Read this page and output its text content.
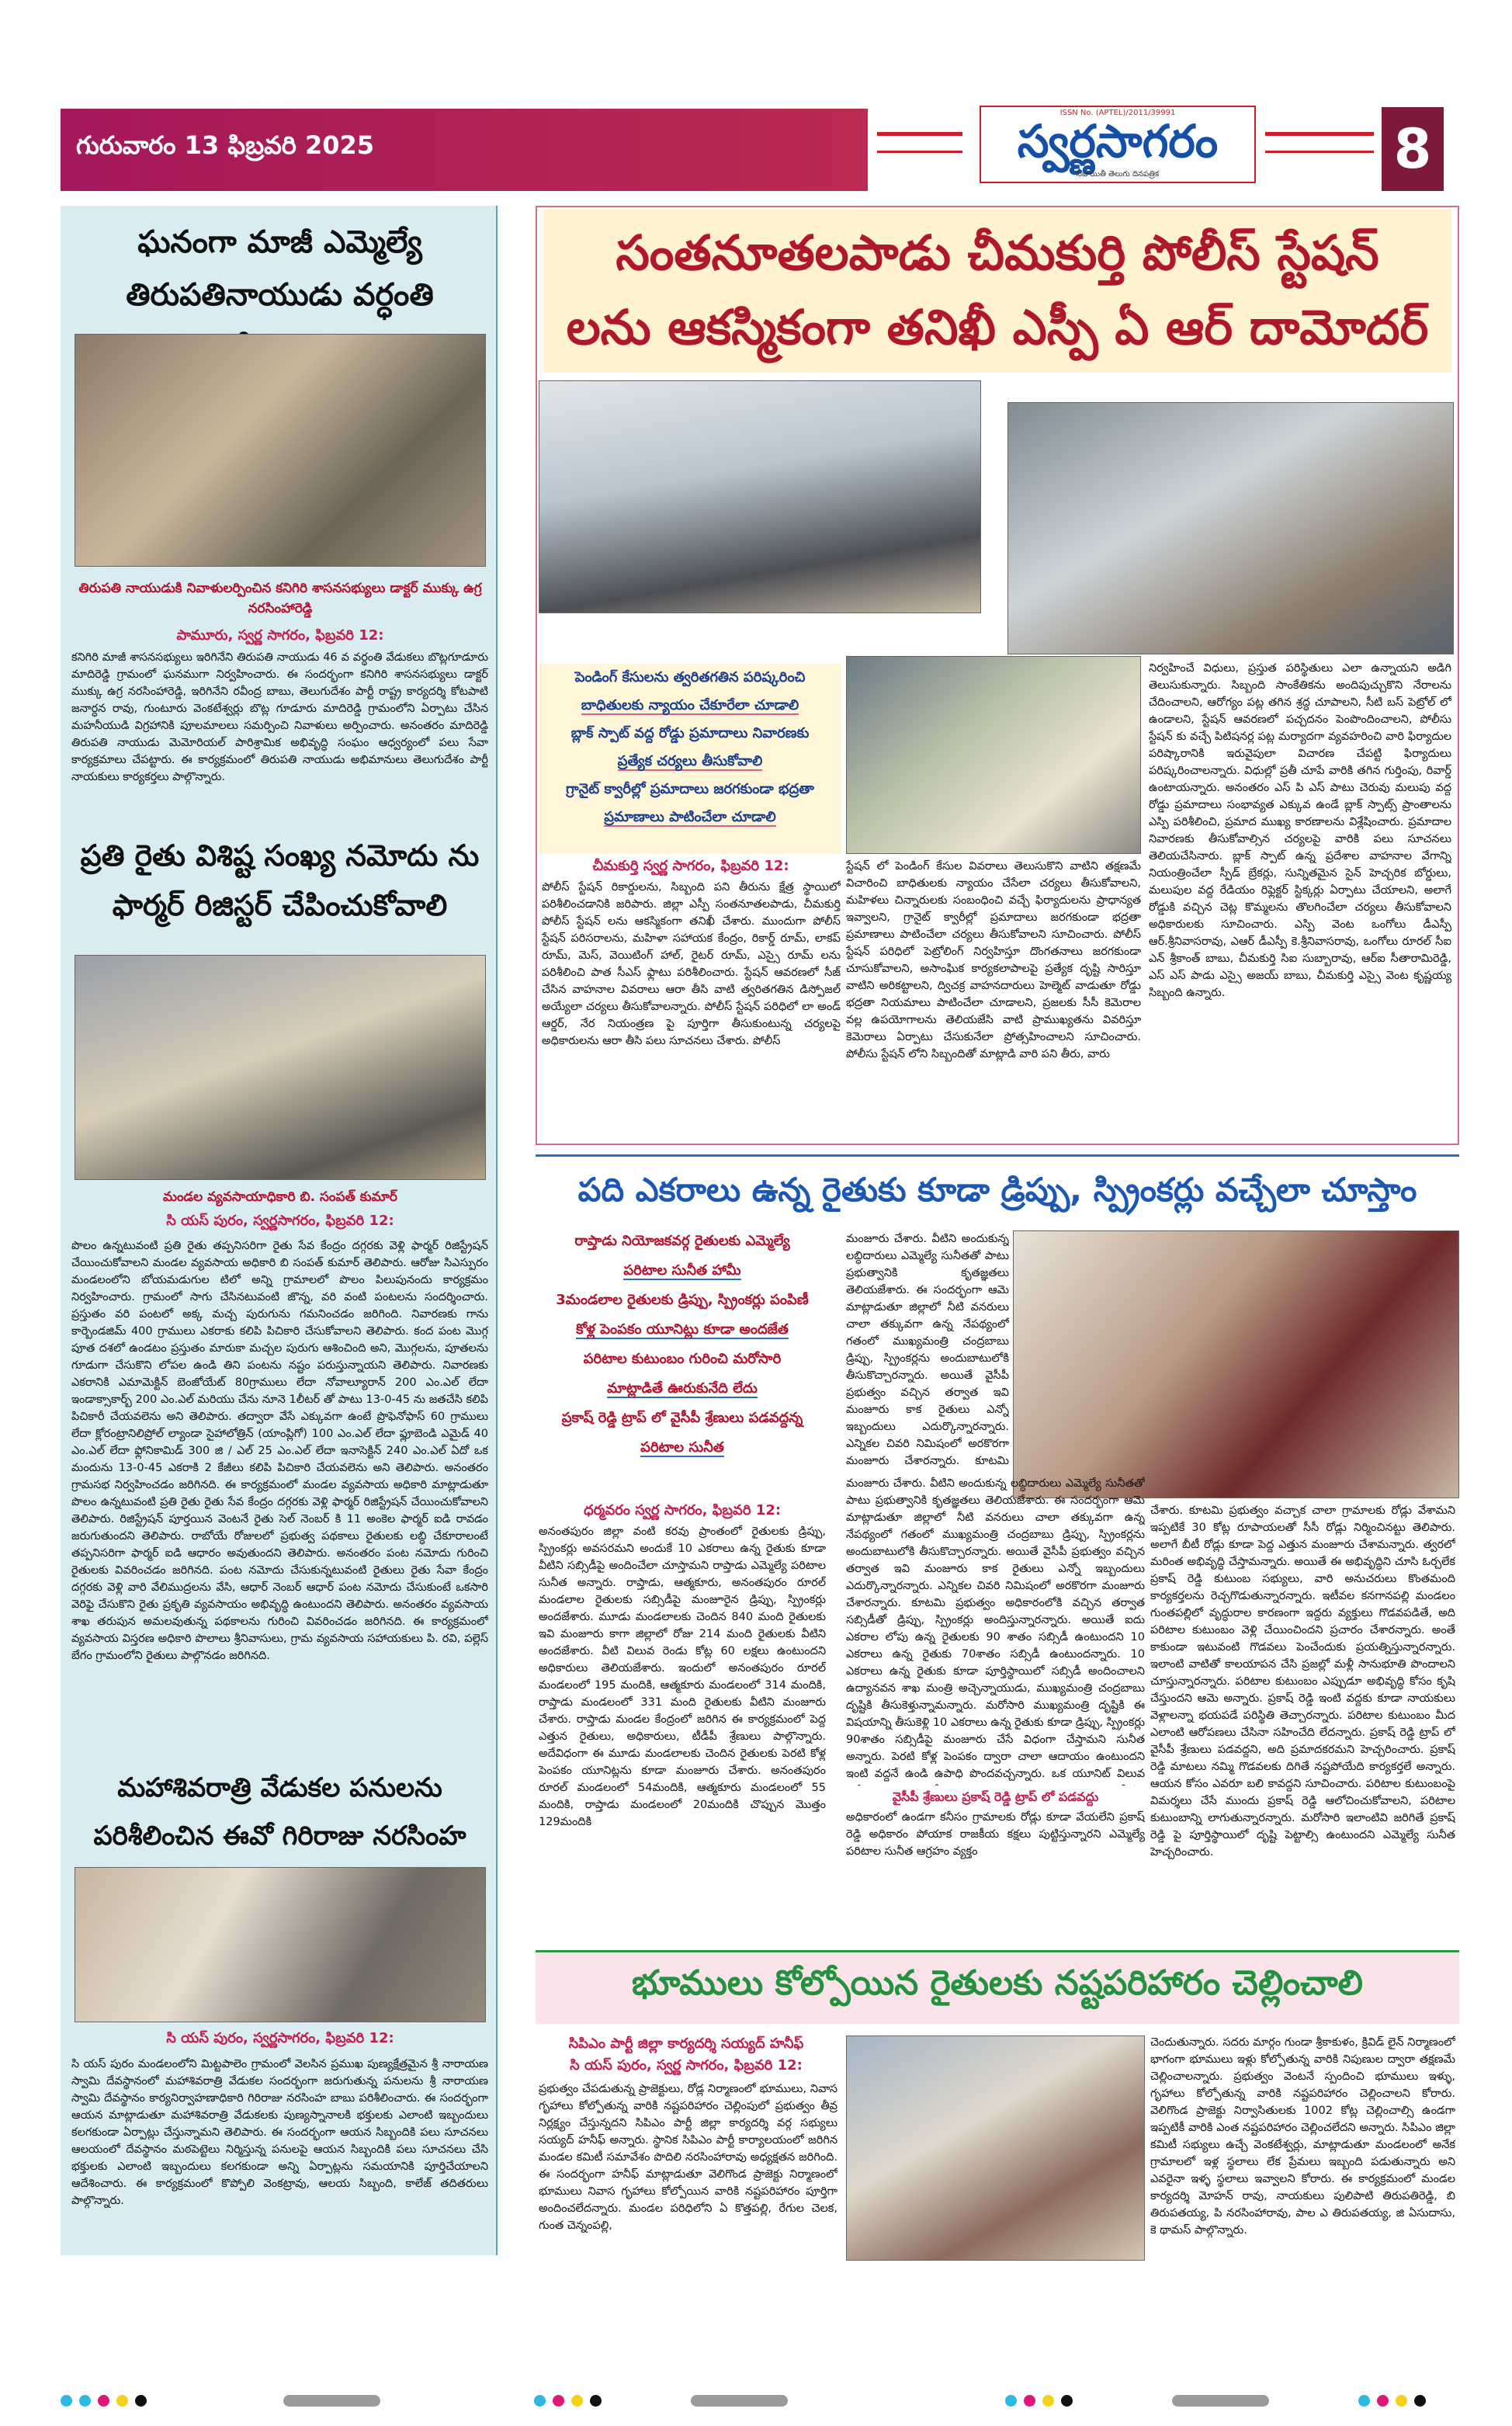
గురువారం 13 ఫిబ్రవరి 2025
ISSN No. (APTEL)/2011/39991
స్వర్ణసాగరం
నిజాయితీ తెలుగు దినపత్రిక	8
ఘనంగా మాజీ ఎమ్మెల్యే తిరుపతినాయుడు వర్ధంతి
తిరుపతి నాయుడుకి నివాళులర్పించిన కనిగిరి శాసనసభ్యులు డాక్టర్ ముక్కు ఉగ్ర నరసింహారెడ్డి
పామూరు, స్వర్ణ సాగరం, ఫిబ్రవరి 12:
కనిగిరి మాజీ శాసనసభ్యులు ఇరిగినేని తిరుపతి నాయుడు 46 వ వర్ధంతి వేడుకలు బొట్లగూడూరు మాదిరెడ్డి గ్రామంలో ఘనముగా నిర్వహించారు. ఈ సందర్భంగా కనిగిరి శాసనసభ్యులు డాక్టర్ ముక్కు ఉగ్ర నరసింహారెడ్డి, ఇరిగినేని రవీంద్ర బాబు, తెలుగుదేశం పార్టీ రాష్ట్ర కార్యదర్శి కోటపాటి జనార్ధన రావు, గుంటూరు వెంకటేశ్వర్లు బొట్ల గూడూరు మాదిరెడ్డి గ్రామంలోని ఏర్పాటు చేసిన మహనీయుడి విగ్రహానికి పూలమాలలు సమర్పించి నివాళులు అర్పించారు. అనంతరం మాదిరెడ్డి తిరుపతి నాయుడు మెమోరియల్ పారిశ్రామిక అభివృద్ధి సంఘం ఆధ్వర్యంలో పలు సేవా కార్యక్రమాలు చేపట్టారు. ఈ కార్యక్రమంలో తిరుపతి నాయుడు అభిమానులు తెలుగుదేశం పార్టీ నాయకులు కార్యకర్తలు పాల్గొన్నారు.
ప్రతి రైతు విశిష్ట సంఖ్య నమోదు ను ఫార్మర్ రిజిస్టర్ చేపించుకోవాలి
మండల వ్యవసాయాధికారి బి. సంపత్ కుమార్
సి యస్ పురం, స్వర్ణసాగరం, ఫిబ్రవరి 12:
పొలం ఉన్నటువంటి ప్రతి రైతు తప్పనిసరిగా రైతు సేవ కేంద్రం దగ్గరకు వెళ్లి ఫార్మర్ రిజిస్ట్రేషన్ చేయించుకోవాలని మండల వ్యవసాయ అధికారి బి సంపత్ కుమార్ తెలిపారు. ఆరోజు సిఎస్పురం మండలంలోని బోయమడుగుల టిలో అన్ని గ్రామాలలో పొలం పిలుపునందు కార్యక్రమం నిర్వహించారు. గ్రామంలో సాగు చేసినటువంటి జొన్న, వరి వంటి పంటలను సందర్శించారు. ప్రస్తుతం వరి పంటలో అక్క మచ్చ పురుగును గమనించడం జరిగింది. నివారణకు గాను కార్బెండజిమ్ 400 గ్రాములు ఎకరాకు కలిపి పిచికారి చేసుకోవాలని తెలిపారు. కంద పంట మొగ్గ పూత దశలో ఉండటం ప్రస్తుతం మారుకా మచ్చల పురుగు ఆశించింది అని, మొగ్గలను, పూతలను గూడుగా చేసుకొని లోపల ఉండి తిని పంటను నష్టం పరుస్తున్నాయని తెలిపారు. నివారణకు ఎకరానికి ఎమామెక్టిన్ బెంజోయేట్ 80గ్రాములు లేదా నోవాల్యూరాన్ 200 ఎం.ఎల్ లేదా ఇండాక్సాకార్బ్ 200 ఎం.ఎల్ మరియు చేను నూనె 1లీటర్ తో పాటు 13-0-45 ను జతచేసి కలిపి పిచికారీ చేయవలెను అని తెలిపారు. తద్వారా వేసే ఎక్కువగా ఉంటే ప్రొఫెనోఫాస్ 60 గ్రాములు లేదా క్లోరంట్రానిలిప్రోల్ ల్యాండా సైహాలోత్రిన్ (యాంప్లిగో) 100 ఎం.ఎల్ లేదా ఫ్లూబెండి ఎమైడ్ 40 ఎం.ఎల్ లేదా ఫ్లోనికామిడ్ 300 జి / ఎల్ 25 ఎం.ఎల్ లేదా ఇనాసెక్టిన్ 240 ఎం.ఎల్ ఏదో ఒక మందును 13-0-45 ఎకరాకి 2 కేజీలు కలిపి పిచికారి చేయవలెను అని తెలిపారు. అనంతరం గ్రామసభ నిర్వహించడం జరిగినది. ఈ కార్యక్రమంలో మండల వ్యవసాయ అధికారి మాట్లాడుతూ పొలం ఉన్నటువంటి ప్రతి రైతు రైతు సేవ కేంద్రం దగ్గరకు వెళ్లి ఫార్మర్ రిజిస్ట్రేషన్ చేయించుకోవాలని తెలిపారు. రిజిస్ట్రేషన్ పూర్తయిన వెంటనే రైతు సెల్ నెంబర్ కి 11 అంకెల ఫార్మర్ ఐడి రావడం జరుగుతుందని తెలిపారు. రాబోయే రోజులలో ప్రభుత్వ పథకాలు రైతులకు లబ్ధి చేకూరాలంటే తప్పనిసరిగా ఫార్మర్ ఐడి ఆధారం అవుతుందని తెలిపారు. అనంతరం పంట నమోదు గురించి రైతులకు వివరించడం జరిగినది. పంట నమోదు చేసుకున్నటువంటి రైతులు రైతు సేవా కేంద్రం దగ్గరకు వెళ్లి వారి వేలిముద్రలను వేసి, ఆధార్ నెంబర్ ఆధార్ పంట నమోదు చేసుకుంటే ఒకసారి వెరిఫై చేసుకొని రైతు ప్రకృతి వ్యవసాయం అభివృద్ధి ఉంటుందని తెలిపారు. అనంతరం వ్యవసాయ శాఖ తరుపున అమలవుతున్న పథకాలను గురించి వివరించడం జరిగినది. ఈ కార్యక్రమంలో వ్యవసాయ విస్తరణ అధికారి పొలాలు శ్రీనివాసులు, గ్రామ వ్యవసాయ సహాయకులు పి. రవి, పల్లెస్ బేగం గ్రామంలోని రైతులు పాల్గొనడం జరిగినది.
మహాశివరాత్రి వేడుకల పనులను పరిశీలించిన ఈవో గిరిరాజు నరసింహ
సి యస్ పురం, స్వర్ణసాగరం, ఫిబ్రవరి 12:
సి యస్ పురం మండలంలోని మిట్టపాలెం గ్రామంలో వెలసిన ప్రముఖ పుణ్యక్షేత్రమైన శ్రీ నారాయణ స్వామి దేవస్థానంలో మహాశివరాత్రి వేడుకల సందర్భంగా జరుగుతున్న పనులను శ్రీ నారాయణ స్వామి దేవస్థానం కార్యనిర్వాహణాధికారి గిరిరాజు నరసింహ బాబు పరిశీలించారు. ఈ సందర్భంగా ఆయన మాట్లాడుతూ మహాశివరాత్రి వేడుకలకు పుణ్యస్నానాలకి భక్తులకు ఎలాంటి ఇబ్బందులు కలగకుండా ఏర్పాట్లు చేస్తున్నామని తెలిపారు. ఈ సందర్భంగా ఆయన సిబ్బందికి పలు సూచనలు ఆలయంలో దేవస్థానం మఠపెట్టెలు నిర్మిస్తున్న పనులపై ఆయన సిబ్బందికి పలు సూచనలు చేసి భక్తులకు ఎలాంటి ఇబ్బందులు కలగకుండా అన్ని ఏర్పాట్లను సమయానికి పూర్తిచేయాలని ఆదేశించారు. ఈ కార్యక్రమంలో కొప్పోలి వెంకట్రావు, ఆలయ సిబ్బంది, కాలేజ్ తదితరులు పాల్గొన్నారు.
సంతనూతలపాడు చీమకుర్తి పోలీస్ స్టేషన్
లను ఆకస్మికంగా తనిఖీ ఎస్పీ ఏ ఆర్ దామోదర్
పెండింగ్ కేసులను త్వరితగతిన పరిష్కరించి
బాధితులకు న్యాయం చేకూరేలా చూడాలి
బ్లాక్ స్పాట్ వద్ద రోడ్డు ప్రమాదాలు నివారణకు
ప్రత్యేక చర్యలు తీసుకోవాలి
గ్రానైట్ క్వారీల్లో ప్రమాదాలు జరగకుండా భద్రతా
ప్రమాణాలు పాటించేలా చూడాలి
చీమకుర్తి స్వర్ణ సాగరం, ఫిబ్రవరి 12:
పోలీస్ స్టేషన్ రికార్డులను, సిబ్బంది పని తీరును క్షేత్ర స్థాయిలో పరిశీలించడానికి జరిపారు. జిల్లా ఎస్పీ సంతనూతలపాడు, చీమకుర్తి పోలీస్ స్టేషన్ లను ఆకస్మికంగా తనిఖీ చేశారు. ముందుగా పోలీస్ స్టేషన్ పరిసరాలను, మహిళా సహాయక కేంద్రం, రికార్డ్ రూమ్, లాకప్ రూమ్, మెస్, వెయిటింగ్ హాల్, రైటర్ రూమ్, ఎస్సై రూమ్ లను పరిశీలించి పాత సీఎస్ ఫ్లాటు పరిశీలించారు. స్టేషన్ ఆవరణలో సీజ్ చేసిన వాహనాల వివరాలు ఆరా తీసి వాటి త్వరితగతిన డిస్పోజల్ అయ్యేలా చర్యలు తీసుకోవాలన్నారు. పోలీస్ స్టేషన్ పరిధిలో లా అండ్ ఆర్డర్, నేర నియంత్రణ పై పూర్తిగా తీసుకుంటున్న చర్యలపై అధికారులను ఆరా తీసి పలు సూచనలు చేశారు. పోలీస్
స్టేషన్ లో పెండింగ్ కేసుల వివరాలు తెలుసుకొని వాటిని తక్షణమే విచారించి బాధితులకు న్యాయం చేసేలా చర్యలు తీసుకోవాలని, మహిళలు చిన్నారులకు సంబంధించి వచ్చే ఫిర్యాదులను ప్రాధాన్యత ఇవ్వాలని, గ్రానైట్ క్వారీల్లో ప్రమాదాలు జరగకుండా భద్రతా ప్రమాణాలు పాటించేలా చర్యలు తీసుకోవాలని సూచించారు. పోలీస్ స్టేషన్ పరిధిలో పెట్రోలింగ్ నిర్వహిస్తూ దొంగతనాలు జరగకుండా చూసుకోవాలని, అసాంఘిక కార్యకలాపాలపై ప్రత్యేక దృష్టి సారిస్తూ వాటిని అరికట్టాలని, ద్విచక్ర వాహనదారులు హెల్మెట్ వాడుతూ రోడ్డు భద్రతా నియమాలు పాటించేలా చూడాలని, ప్రజలకు సీసీ కెమెరాల వల్ల ఉపయోగాలను తెలియజేసి వాటి ప్రాముఖ్యతను వివరిస్తూ కెమెరాలు ఏర్పాటు చేసుకునేలా ప్రోత్సహించాలని సూచించారు. పోలీసు స్టేషన్ లోని సిబ్బందితో మాట్లాడి వారి పని తీరు, వారు
నిర్వహించే విధులు, ప్రస్తుత పరిస్థితులు ఎలా ఉన్నాయని అడిగి తెలుసుకున్నారు. సిబ్బంది సాంకేతికను అందిపుచ్చుకొని నేరాలను చేదించాలని, ఆరోగ్యం పట్ల తగిన శ్రద్ధ చూపాలని, సీటి బస్ పెట్రోల్ లో ఉండాలని, స్టేషన్ ఆవరణలో పచ్చదనం పెంపొందించాలని, పోలీసు స్టేషన్ కు వచ్చే పిటిషనర్ల పట్ల మర్యాదగా వ్యవహరించి వారి ఫిర్యాదుల పరిష్కారానికి ఇరువైపులా విచారణ చేపట్టి ఫిర్యాదులు పరిష్కరించాలన్నారు. విధుల్లో ప్రతీ చూపే వారికి తగిన గుర్తింపు, రివార్డ్ ఉంటాయన్నారు. అనంతరం ఎస్ పి ఎస్ పాటు చెరువు మలుపు వద్ద రోడ్డు ప్రమాదాలు సంభావ్యత ఎక్కువ ఉండే బ్లాక్ స్పాట్స్ ప్రాంతాలను ఎస్పి పరిశీలించి, ప్రమాద ముఖ్య కారణాలను విశ్లేషించారు. ప్రమాదాల నివారణకు తీసుకోవాల్సిన చర్యలపై వారికి పలు సూచనలు తెలియచేసినారు. బ్లాక్ స్పాట్ ఉన్న ప్రదేశాల వాహనాల వేగాన్ని నియంత్రించేలా స్పీడ్ బ్రేకర్లు, సున్నితమైన సైన్ హెచ్చరిక బోర్డులు, మలుపుల వద్ద రేడియం రిఫ్లెక్టర్ స్టిక్కర్లు ఏర్పాటు చేయాలని, అలాగే రోడ్డుకి వచ్చిన చెట్ల కొమ్మలను తొలగించేలా చర్యలు తీసుకోవాలని అధికారులకు సూచించారు. ఎస్పి వెంట ఒంగోలు డీఎస్పీ ఆర్.శ్రీనివాసరావు, ఎఆర్ డీఎస్పీ కె.శ్రీనివాసరావు, ఒంగోలు రూరల్ సీఐ ఎన్ శ్రీకాంత్ బాబు, చీమకుర్తి సిఐ సుబ్బారావు, ఆర్ఐ సీతారామిరెడ్డి, ఎస్ ఎస్ పాడు ఎస్సై అజయ్ బాబు, చీమకుర్తి ఎస్సై వెంట కృష్ణయ్య సిబ్బంది ఉన్నారు.
పది ఎకరాలు ఉన్న రైతుకు కూడా డ్రిప్పు, స్ప్రింకర్లు వచ్చేలా చూస్తాం
రాప్తాడు నియోజకవర్గ రైతులకు ఎమ్మెల్యే
పరిటాల సునీత హామీ
3మండలాల రైతులకు డ్రిప్పు, స్ప్రింకర్లు పంపిణీ
కోళ్ల పెంపకం యూనిట్లు కూడా అందజేత
పరిటాల కుటుంబం గురించి మరోసారి
మాట్లాడితే ఊరుకునేది లేదు
ప్రకాష్ రెడ్డి ట్రాప్ లో వైసీపీ శ్రేణులు పడవద్దన్న
పరిటాల సునీత
ధర్మవరం స్వర్ణ సాగరం, ఫిబ్రవరి 12:
అనంతపురం జిల్లా వంటి కరవు ప్రాంతంలో రైతులకు డ్రిప్పు, స్ప్రింకర్లు అవసరమని అందుకే 10 ఎకరాలు ఉన్న రైతుకు కూడా వీటిని సబ్సిడీపై అందించేలా చూస్తామని రాప్తాడు ఎమ్మెల్యే పరిటాల సునీత అన్నారు. రాప్తాడు, ఆత్మకూరు, అనంతపురం రూరల్ మండలాల రైతులకు సబ్సిడీపై మంజూరైన డ్రిప్పు, స్ప్రింకర్లు అందజేశారు. మూడు మండలాలకు చెందిన 840 మంది రైతులకు ఇవి మంజూరు కాగా జిల్లాలో రోజు 214 మంది రైతులకు వీటిని అందజేశారు. వీటి విలువ రెండు కోట్ల 60 లక్షలు ఉంటుందని అధికారులు తెలియజేశారు. ఇందులో అనంతపురం రూరల్ మండలంలో 195 మందికి, ఆత్మకూరు మండలంలో 314 మందికి, రాప్తాడు మండలంలో 331 మంది రైతులకు వీటిని మంజూరు చేశారు. రాప్తాడు మండల కేంద్రంలో జరిగిన ఈ కార్యక్రమంలో పెద్ద ఎత్తున రైతులు, అధికారులు, టీడీపీ శ్రేణులు పాల్గొన్నారు. అదేవిధంగా ఈ మూడు మండలాలకు చెందిన రైతులకు పెరటి కోళ్ల పెంపకం యూనిట్లను కూడా మంజూరు చేశారు. అనంతపురం రూరల్ మండలంలో 54మందికి, ఆత్మకూరు మండలంలో 55 మందికి, రాప్తాడు మండలంలో 20మందికి చొప్పున మొత్తం 129మందికి
మంజూరు చేశారు. వీటిని అందుకున్న లబ్ధిదారులు ఎమ్మెల్యే సునీతతో పాటు ప్రభుత్వానికి కృతజ్ఞతలు తెలియజేశారు. ఈ సందర్భంగా ఆమె మాట్లాడుతూ జిల్లాలో నీటి వనరులు చాలా తక్కువగా ఉన్న నేపథ్యంలో గతంలో ముఖ్యమంత్రి చంద్రబాబు డ్రిప్పు, స్ప్రింకర్లను అందుబాటులోకి తీసుకొచ్చారన్నారు. అయితే వైసీపీ ప్రభుత్వం వచ్చిన తర్వాత ఇవి మంజూరు కాక రైతులు ఎన్నో ఇబ్బందులు ఎదుర్కొన్నారన్నారు. ఎన్నికల చివరి నిమిషంలో అరకొరగా మంజూరు చేశారన్నారు. కూటమి
మంజూరు చేశారు. వీటిని అందుకున్న లబ్ధిదారులు ఎమ్మెల్యే సునీతతో పాటు ప్రభుత్వానికి కృతజ్ఞతలు తెలియజేశారు. ఈ సందర్భంగా ఆమె మాట్లాడుతూ జిల్లాలో నీటి వనరులు చాలా తక్కువగా ఉన్న నేపథ్యంలో గతంలో ముఖ్యమంత్రి చంద్రబాబు డ్రిప్పు, స్ప్రింకర్లను అందుబాటులోకి తీసుకొచ్చారన్నారు. అయితే వైసీపీ ప్రభుత్వం వచ్చిన తర్వాత ఇవి మంజూరు కాక రైతులు ఎన్నో ఇబ్బందులు ఎదుర్కొన్నారన్నారు. ఎన్నికల చివరి నిమిషంలో అరకొరగా మంజూరు చేశారన్నారు. కూటమి ప్రభుత్వం అధికారంలోకి వచ్చిన తర్వాత సబ్సిడీతో డ్రిప్పు, స్ప్రింకర్లు అందిస్తున్నారన్నారు. అయితే ఐదు ఎకరాల లోపు ఉన్న రైతులకు 90 శాతం సబ్సిడీ ఉంటుందని 10 ఎకరాలు ఉన్న రైతుకు 70శాతం సబ్సిడీ ఉంటుందన్నారు. 10 ఎకరాలు ఉన్న రైతుకు కూడా పూర్తిస్థాయిలో సబ్సిడీ అందించాలని ఉద్యానవన శాఖ మంత్రి అచ్చెన్నాయుడు, ముఖ్యమంత్రి చంద్రబాబు దృష్టికి తీసుకెళ్తున్నామన్నారు. మరోసారి ముఖ్యమంత్రి దృష్టికి ఈ విషయాన్ని తీసుకెళ్లి 10 ఎకరాలు ఉన్న రైతుకు కూడా డ్రిప్పు, స్ప్రింకర్లు 90శాతం సబ్సిడీపై మంజూరు చేసే విధంగా చేస్తామని సునీత అన్నారు. పెరటి కోళ్ల పెంపకం ద్వారా చాలా ఆదాయం ఉంటుందని ఇంటి వద్దనే ఉండి ఉపాధి పొందవచ్చన్నారు. ఒక యూనిట్ విలువ
వైసీపీ శ్రేణులు ప్రకాష్ రెడ్డి ట్రాప్ లో పడవద్దు
అధికారంలో ఉండగా కనీసం గ్రామాలకు రోడ్లు కూడా వేయలేని ప్రకాష్ రెడ్డి అధికారం పోయాక రాజకీయ కక్షలు పుట్టిస్తున్నారని ఎమ్మెల్యే పరిటాల సునీత ఆగ్రహం వ్యక్తం
చేశారు. కూటమి ప్రభుత్వం వచ్చాక చాలా గ్రామాలకు రోడ్లు వేశామని ఇప్పటికే 30 కోట్ల రూపాయలతో సీసీ రోడ్లు నిర్మించినట్టు తెలిపారు. అలాగే బీటీ రోడ్లు కూడా పెద్ద ఎత్తున మంజూరు చేశామన్నారు. త్వరలో మరింత అభివృద్ధి చేస్తామన్నారు. అయితే ఈ అభివృద్ధిని చూసి ఓర్చలేక ప్రకాష్ రెడ్డి కుటుంబ సభ్యులు, వారి అనుచరులు కొంతమంది కార్యకర్తలను రెచ్చగొడుతున్నారన్నారు. ఇటీవల కనగానపల్లి మండలం గుంతపల్లిలో వృద్ధురాల కారణంగా ఇద్దరు వ్యక్తులు గొడవపడితే, అది పరిటాల కుటుంబం వెళ్లి చేయించిందని ప్రచారం చేశారన్నారు. అంతే కాకుండా ఇటువంటి గొడవలు పెంచేందుకు ప్రయత్నిస్తున్నారన్నారు. ఇలాంటి వాటితో కాలయాపన చేసి ప్రజల్లో మళ్లీ సానుభూతి పొందాలని చూస్తున్నారన్నారు. పరిటాల కుటుంబం ఎప్పుడూ అభివృద్ధి కోసం కృషి చేస్తుందని ఆమె అన్నారు. ప్రకాష్ రెడ్డి ఇంటి వద్దకు కూడా నాయకులు వెళ్లాలన్నా భయపడే పరిస్థితి తెచ్చారన్నారు. పరిటాల కుటుంబం మీద ఎలాంటి ఆరోపణలు చేసినా సహించేది లేదన్నారు. ప్రకాష్ రెడ్డి ట్రాప్ లో వైసీపీ శ్రేణులు పడవద్దని, అది ప్రమాదకరమని హెచ్చరించారు. ప్రకాష్ రెడ్డి మాటలు నమ్మి గొడవలకు దిగితే నష్టపోయేది కార్యకర్తలే అన్నారు. ఆయన కోసం ఎవరూ బలి కావద్దని సూచించారు. పరిటాల కుటుంబంపై విమర్శలు చేసే ముందు ప్రకాష్ రెడ్డి ఆలోచించుకోవాలని, పరిటాల కుటుంబాన్ని లాగుతున్నారన్నారు. మరోసారి ఇలాంటివి జరిగితే ప్రకాష్ రెడ్డి పై పూర్తిస్థాయిలో దృష్టి పెట్టాల్సి ఉంటుందని ఎమ్మెల్యే సునీత హెచ్చరించారు.
భూములు కోల్పోయిన రైతులకు నష్టపరిహారం చెల్లించాలి
సిపిఎం పార్టీ జిల్లా కార్యదర్శి సయ్యద్ హనీఫ్
సి యస్ పురం, స్వర్ణ సాగరం, ఫిబ్రవరి 12:
ప్రభుత్వం చేపడుతున్న ప్రాజెక్టులు, రోడ్ల నిర్మాణంలో భూములు, నివాస గృహాలు కోల్పోతున్న వారికి నష్టపరిహారం చెల్లింపులో ప్రభుత్వం తీవ్ర నిర్లక్ష్యం చేస్తున్నదని సిపిఎం పార్టీ జిల్లా కార్యదర్శి వర్గ సభ్యులు సయ్యద్ హనీఫ్ అన్నారు. స్థానిక సిపిఎం పార్టీ కార్యాలయంలో జరిగిన మండల కమిటీ సమావేశం పొదిలి నరసింహారావు అధ్యక్షతన జరిగింది. ఈ సందర్భంగా హనీఫ్ మాట్లాడుతూ వెలిగొండ ప్రాజెక్టు నిర్మాణంలో భూములు నివాస గృహాలు కోల్పోయిన వారికి నష్టపరిహారం పూర్తిగా అందించలేదన్నారు. మండల పరిధిలోని ఏ కొత్తపల్లి, రేగుల చెలక, గుంత చెన్నంపల్లి,
చెందుతున్నారు. సదరు మార్గం గుండా శ్రీకాకుళం, క్రివిడ్ లైన్ నిర్మాణంలో భాగంగా భూములు ఇళ్లు కోల్పోతున్న వారికి నిపుణుల ద్వారా తక్షణమే చెల్లించాలన్నారు. ప్రభుత్వం వెంటనే స్పందించి భూములు ఇళ్ళు, గృహాలు కోల్పోతున్న వారికి నష్టపరిహారం చెల్లించాలని కోరారు. వెలిగొండ ప్రాజెక్టు నిర్వాసితులకు 1002 కోట్ల చెల్లించాల్సి ఉండగా ఇప్పటికీ వారికి ఎంత నష్టపరిహారం చెల్లించలేదని అన్నారు. సిపిఎం జిల్లా కమిటీ సభ్యులు ఉచ్చే వెంకటేశ్వర్లు, మాట్లాడుతూ మండలంలో అనేక గ్రామాలలో ఇళ్ల స్థలాలు లేక ప్రేమలు ఇబ్బంది పడుతున్నారు అని ఎవరైనా ఇళ్ళ స్థలాలు ఇవ్వాలని కోరారు. ఈ కార్యక్రమంలో మండల కార్యదర్శి మోహన్ రావు, నాయకులు పులిపాటి తిరుపతిరెడ్డి, బి తిరుపతయ్య, పి నరసింహారావు, పాల ఎ తిరుపతయ్య, జి ఏసుదాసు, కె థామస్ పాల్గొన్నారు.
